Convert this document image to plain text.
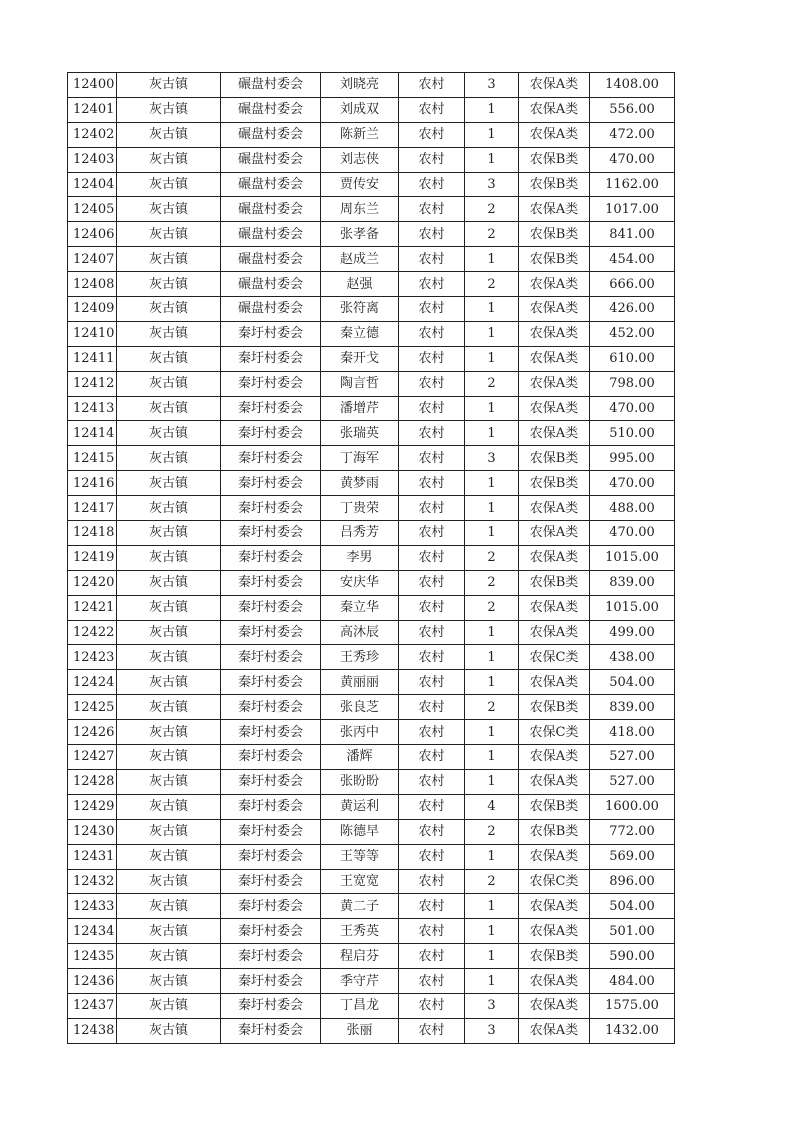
12400	灰古镇	碾盘村委会	刘晓亮	农村	3	农保A类	1408.00
12401	灰古镇	碾盘村委会	刘成双	农村	1	农保A类	556.00
12402	灰古镇	碾盘村委会	陈新兰	农村	1	农保A类	472.00
12403	灰古镇	碾盘村委会	刘志侠	农村	1	农保B类	470.00
12404	灰古镇	碾盘村委会	贾传安	农村	3	农保B类	1162.00
12405	灰古镇	碾盘村委会	周东兰	农村	2	农保A类	1017.00
12406	灰古镇	碾盘村委会	张孝备	农村	2	农保B类	841.00
12407	灰古镇	碾盘村委会	赵成兰	农村	1	农保B类	454.00
12408	灰古镇	碾盘村委会	赵强	农村	2	农保A类	666.00
12409	灰古镇	碾盘村委会	张符离	农村	1	农保A类	426.00
12410	灰古镇	秦圩村委会	秦立德	农村	1	农保A类	452.00
12411	灰古镇	秦圩村委会	秦开戈	农村	1	农保A类	610.00
12412	灰古镇	秦圩村委会	陶言哲	农村	2	农保A类	798.00
12413	灰古镇	秦圩村委会	潘增芹	农村	1	农保A类	470.00
12414	灰古镇	秦圩村委会	张瑞英	农村	1	农保A类	510.00
12415	灰古镇	秦圩村委会	丁海军	农村	3	农保B类	995.00
12416	灰古镇	秦圩村委会	黄梦雨	农村	1	农保B类	470.00
12417	灰古镇	秦圩村委会	丁贵荣	农村	1	农保A类	488.00
12418	灰古镇	秦圩村委会	吕秀芳	农村	1	农保A类	470.00
12419	灰古镇	秦圩村委会	李男	农村	2	农保A类	1015.00
12420	灰古镇	秦圩村委会	安庆华	农村	2	农保B类	839.00
12421	灰古镇	秦圩村委会	秦立华	农村	2	农保A类	1015.00
12422	灰古镇	秦圩村委会	高沐辰	农村	1	农保A类	499.00
12423	灰古镇	秦圩村委会	王秀珍	农村	1	农保C类	438.00
12424	灰古镇	秦圩村委会	黄丽丽	农村	1	农保A类	504.00
12425	灰古镇	秦圩村委会	张良芝	农村	2	农保B类	839.00
12426	灰古镇	秦圩村委会	张丙中	农村	1	农保C类	418.00
12427	灰古镇	秦圩村委会	潘辉	农村	1	农保A类	527.00
12428	灰古镇	秦圩村委会	张盼盼	农村	1	农保A类	527.00
12429	灰古镇	秦圩村委会	黄运利	农村	4	农保B类	1600.00
12430	灰古镇	秦圩村委会	陈德早	农村	2	农保B类	772.00
12431	灰古镇	秦圩村委会	王等等	农村	1	农保A类	569.00
12432	灰古镇	秦圩村委会	王宽宽	农村	2	农保C类	896.00
12433	灰古镇	秦圩村委会	黄二子	农村	1	农保A类	504.00
12434	灰古镇	秦圩村委会	王秀英	农村	1	农保A类	501.00
12435	灰古镇	秦圩村委会	程启芬	农村	1	农保B类	590.00
12436	灰古镇	秦圩村委会	季守芹	农村	1	农保A类	484.00
12437	灰古镇	秦圩村委会	丁昌龙	农村	3	农保A类	1575.00
12438	灰古镇	秦圩村委会	张丽	农村	3	农保A类	1432.00
